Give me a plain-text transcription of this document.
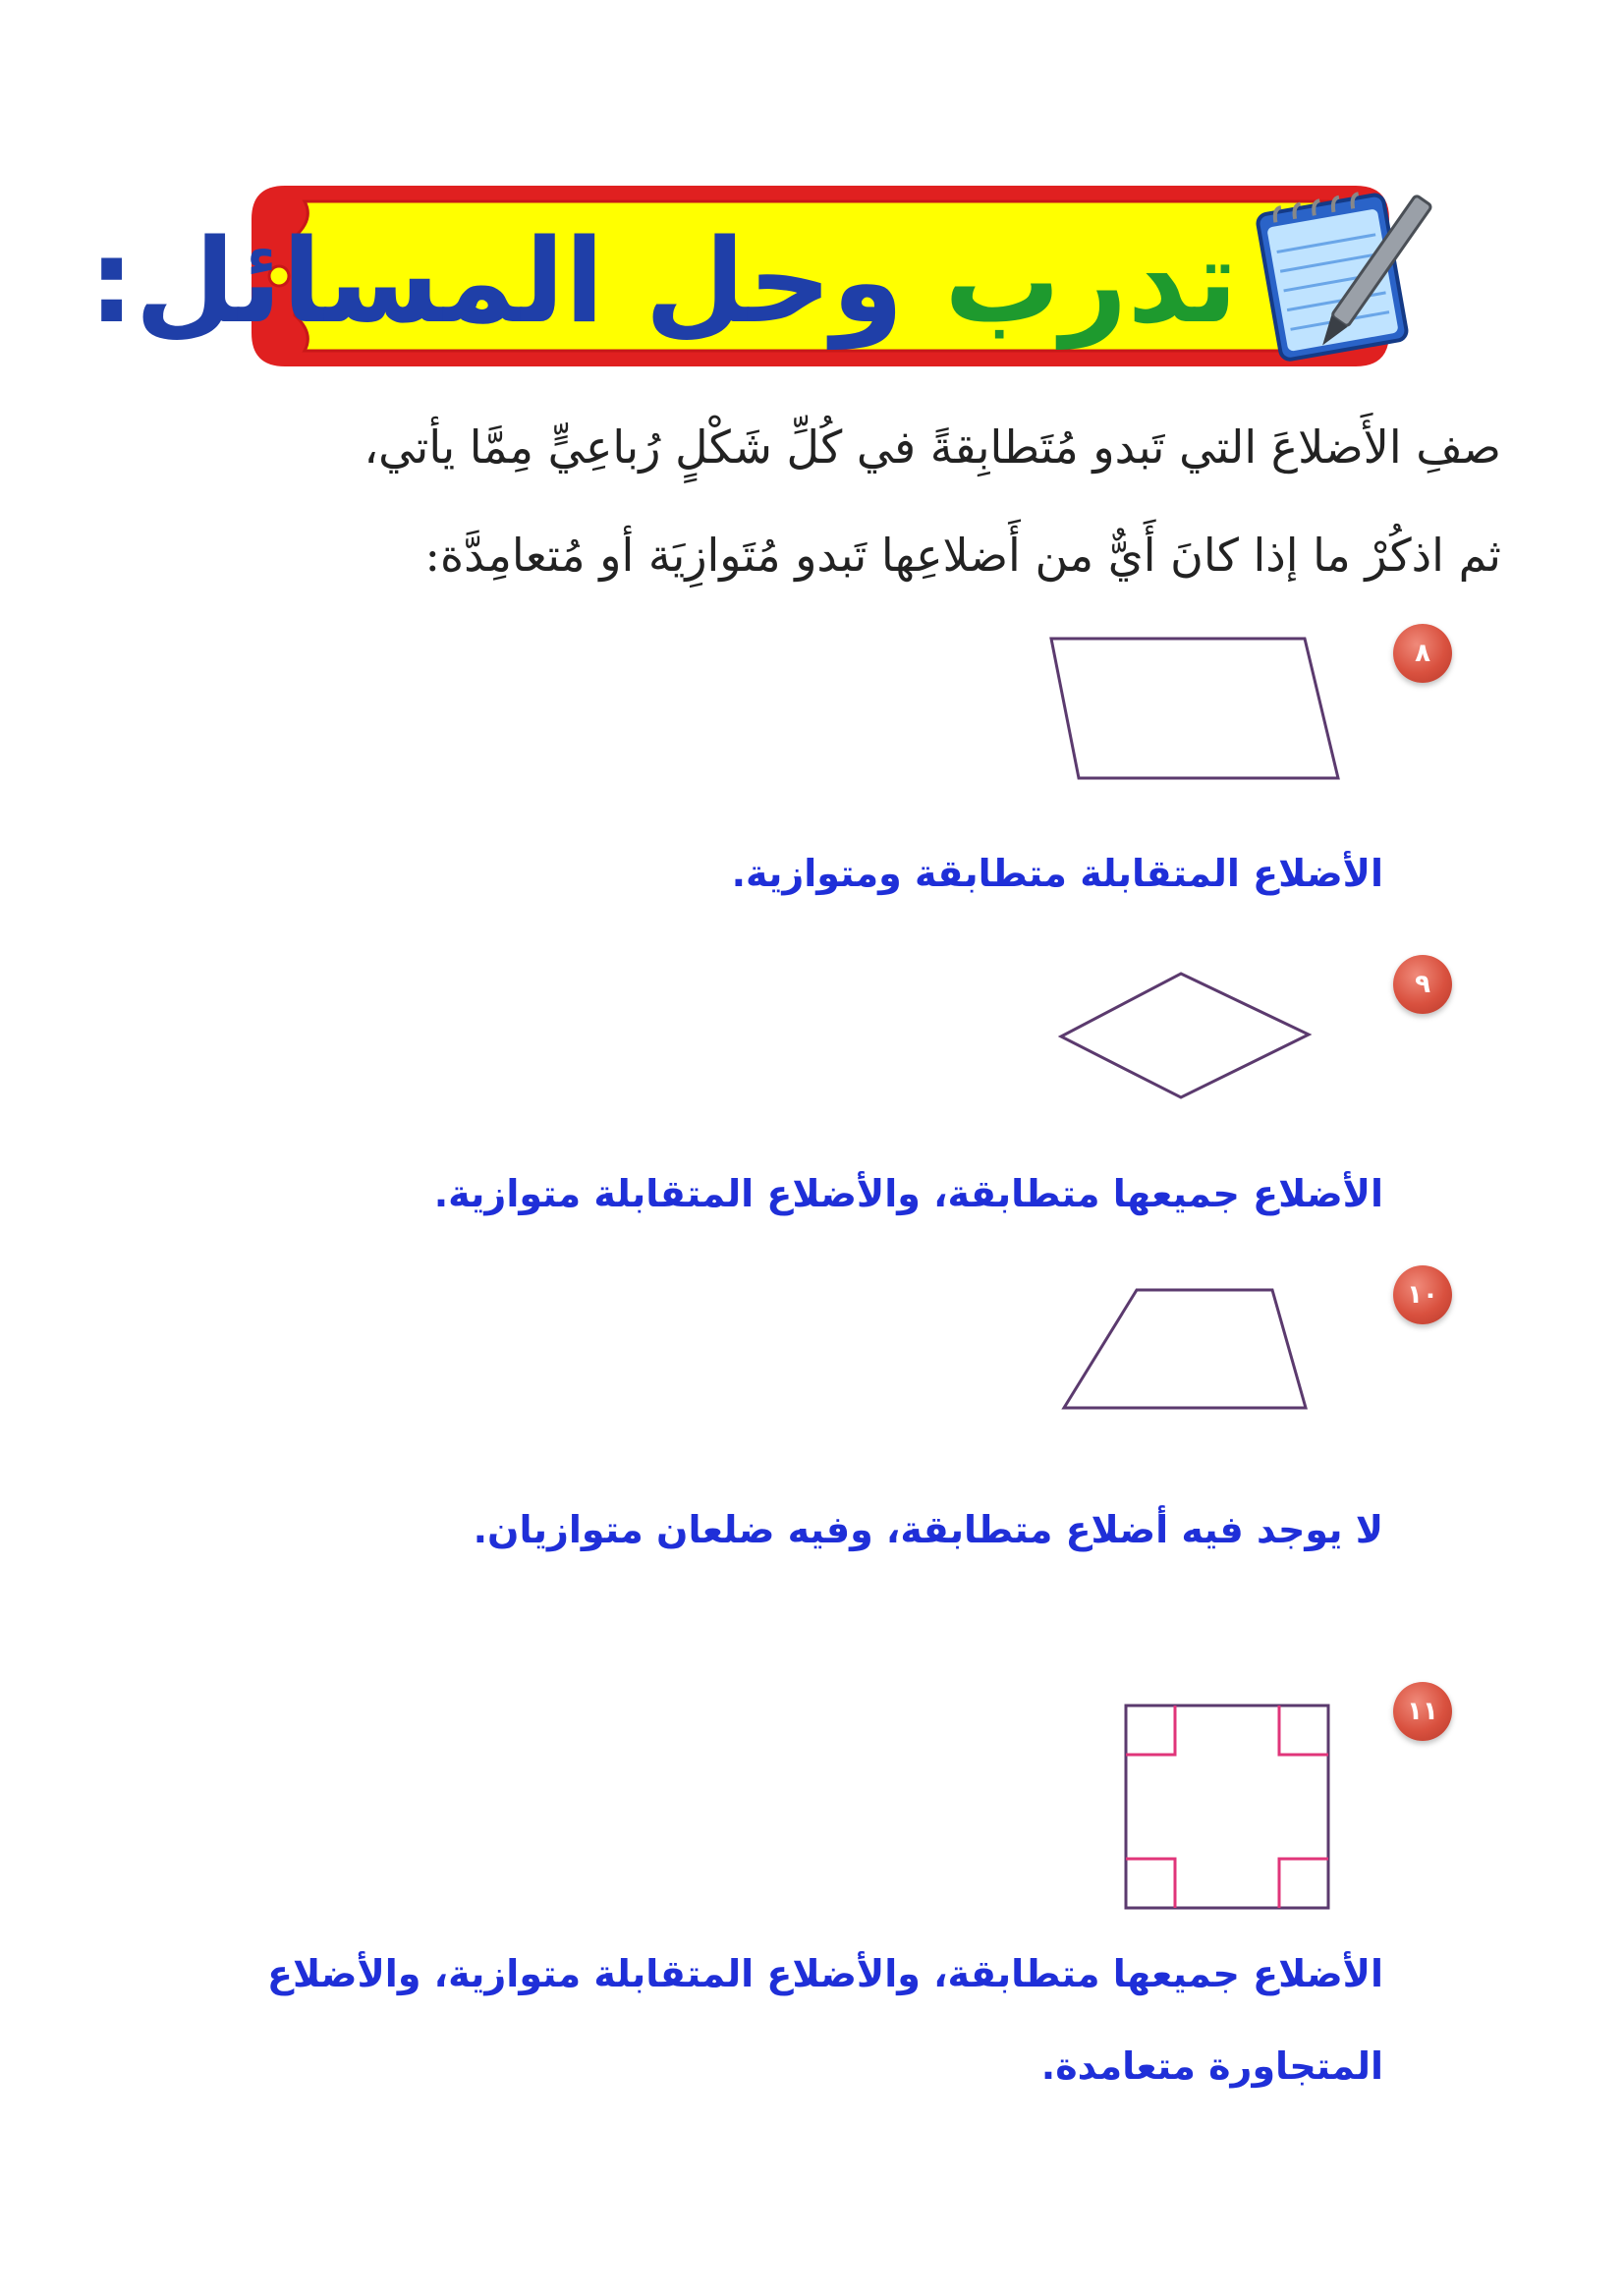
تدرب وحل المسائل:
صفِ الأَضلاعَ التي تَبدو مُتَطابِقةً في كُلِّ شَكْلٍ رُباعِيٍّ مِمَّا يأتي،
ثم اذكُرْ ما إذا كانَ أَيٌّ من أَضلاعِها تَبدو مُتَوازِيَة أو مُتعامِدَّة:
٨
الأضلاع المتقابلة متطابقة ومتوازية.
٩
الأضلاع جميعها متطابقة، والأضلاع المتقابلة متوازية.
١٠
لا يوجد فيه أضلاع متطابقة، وفيه ضلعان متوازيان.
١١
الأضلاع جميعها متطابقة، والأضلاع المتقابلة متوازية، والأضلاع المتجاورة متعامدة.
